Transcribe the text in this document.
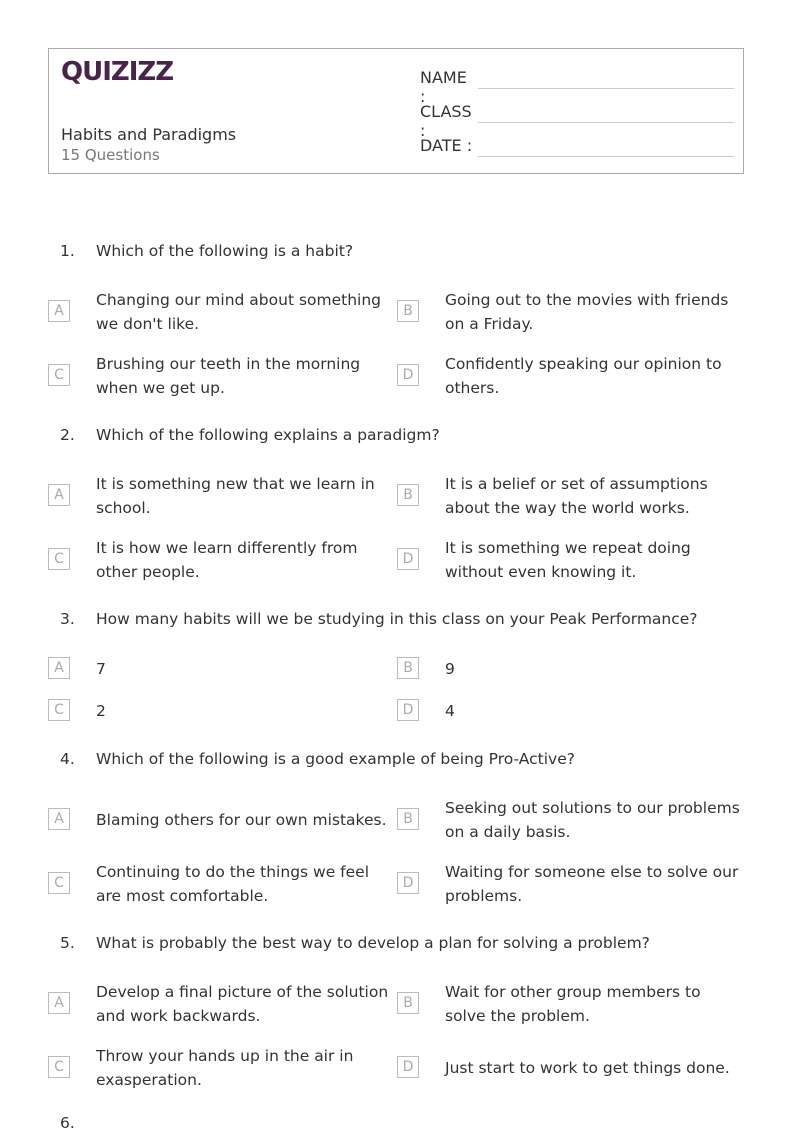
QUIZIZZ
Habits and Paradigms
15 Questions
NAME :
CLASS :
DATE :
1. Which of the following is a habit?
A
Changing our mind about something we don't like.
B
Going out to the movies with friends on a Friday.
C
Brushing our teeth in the morning when we get up.
D
Confidently speaking our opinion to others.
2. Which of the following explains a paradigm?
A
It is something new that we learn in school.
B
It is a belief or set of assumptions about the way the world works.
C
It is how we learn differently from other people.
D
It is something we repeat doing without even knowing it.
3. How many habits will we be studying in this class on your Peak Performance?
A	7	B	9
C	2	D	4
4. Which of the following is a good example of being Pro-Active?
A	Blaming others for our own mistakes.	B
Seeking out solutions to our problems on a daily basis.
C
Continuing to do the things we feel are most comfortable.
D
Waiting for someone else to solve our problems.
5. What is probably the best way to develop a plan for solving a problem?
A
Develop a final picture of the solution and work backwards.
B
Wait for other group members to solve the problem.
C
Throw your hands up in the air in exasperation.
D	Just start to work to get things done.
6.
